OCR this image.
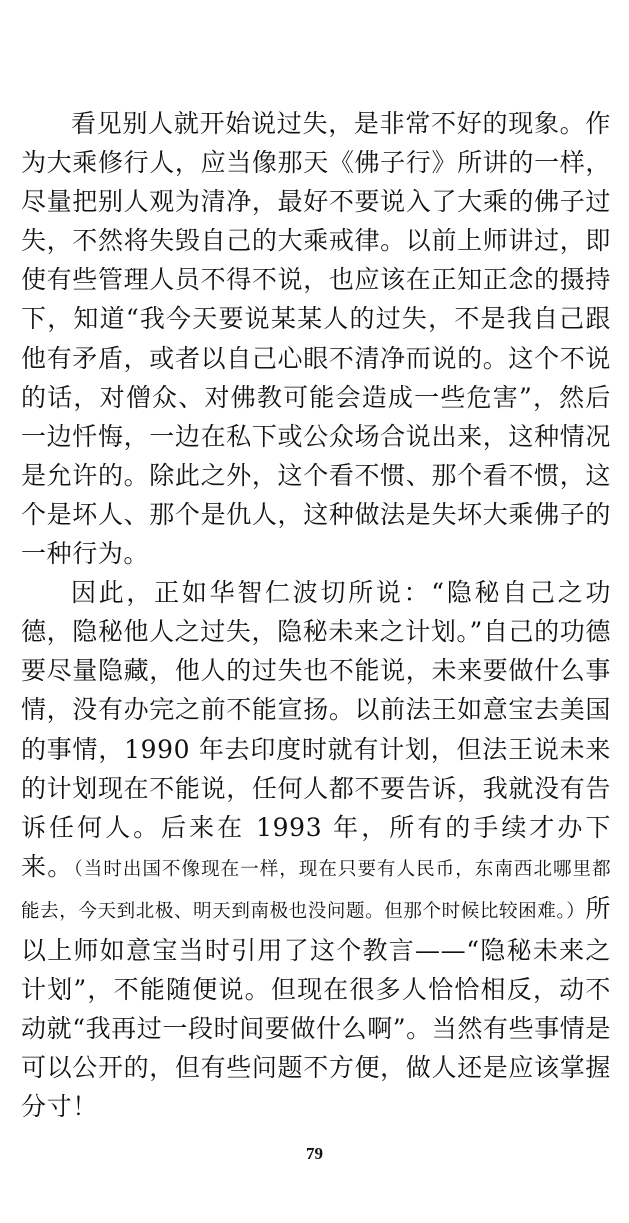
看见别人就开始说过失，是非常不好的现象。作为大乘修行人，应当像那天《佛子行》所讲的一样，尽量把别人观为清净，最好不要说入了大乘的佛子过失，不然将失毁自己的大乘戒律。以前上师讲过，即使有些管理人员不得不说，也应该在正知正念的摄持下，知道“我今天要说某某人的过失，不是我自己跟他有矛盾，或者以自己心眼不清净而说的。这个不说的话，对僧众、对佛教可能会造成一些危害”，然后一边忏悔，一边在私下或公众场合说出来，这种情况是允许的。除此之外，这个看不惯、那个看不惯，这个是坏人、那个是仇人，这种做法是失坏大乘佛子的一种行为。

因此，正如华智仁波切所说：“隐秘自己之功德，隐秘他人之过失，隐秘未来之计划。”自己的功德要尽量隐藏，他人的过失也不能说，未来要做什么事情，没有办完之前不能宣扬。以前法王如意宝去美国的事情，1990 年去印度时就有计划，但法王说未来的计划现在不能说，任何人都不要告诉，我就没有告诉任何人。后来在 1993 年，所有的手续才办下来。（当时出国不像现在一样，现在只要有人民币，东南西北哪里都能去，今天到北极、明天到南极也没问题。但那个时候比较困难。）所以上师如意宝当时引用了这个教言——“隐秘未来之计划”，不能随便说。但现在很多人恰恰相反，动不动就“我再过一段时间要做什么啊”。当然有些事情是可以公开的，但有些问题不方便，做人还是应该掌握分寸！

79
